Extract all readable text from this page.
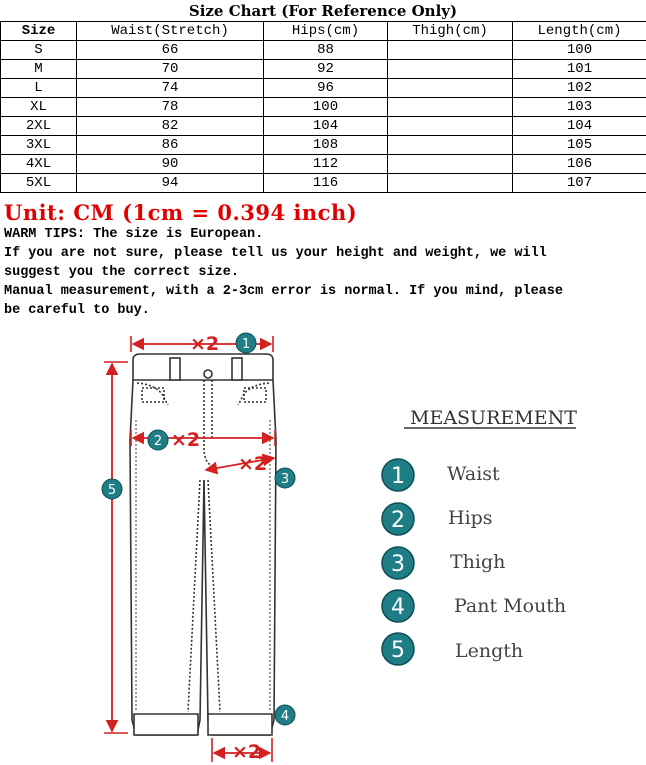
Size Chart (For Reference Only)
Size	Waist(Stretch)	Hips(cm)	Thigh(cm)	Length(cm)
S	66	88		100
M	70	92		101
L	74	96		102
XL	78	100		103
2XL	82	104		104
3XL	86	108		105
4XL	90	112		106
5XL	94	116		107
Unit: CM (1cm = 0.394 inch)
WARM TIPS: The size is European.
If you are not sure, please tell us your height and weight, we will
suggest you the correct size.
Manual measurement, with a 2-3cm error is normal. If you mind, please
be careful to buy.
×2
×2
×2
×2
1
2
3
4
5
MEASUREMENT
1 Waist
2 Hips
3 Thigh
4	Pant Mouth
5	Length
